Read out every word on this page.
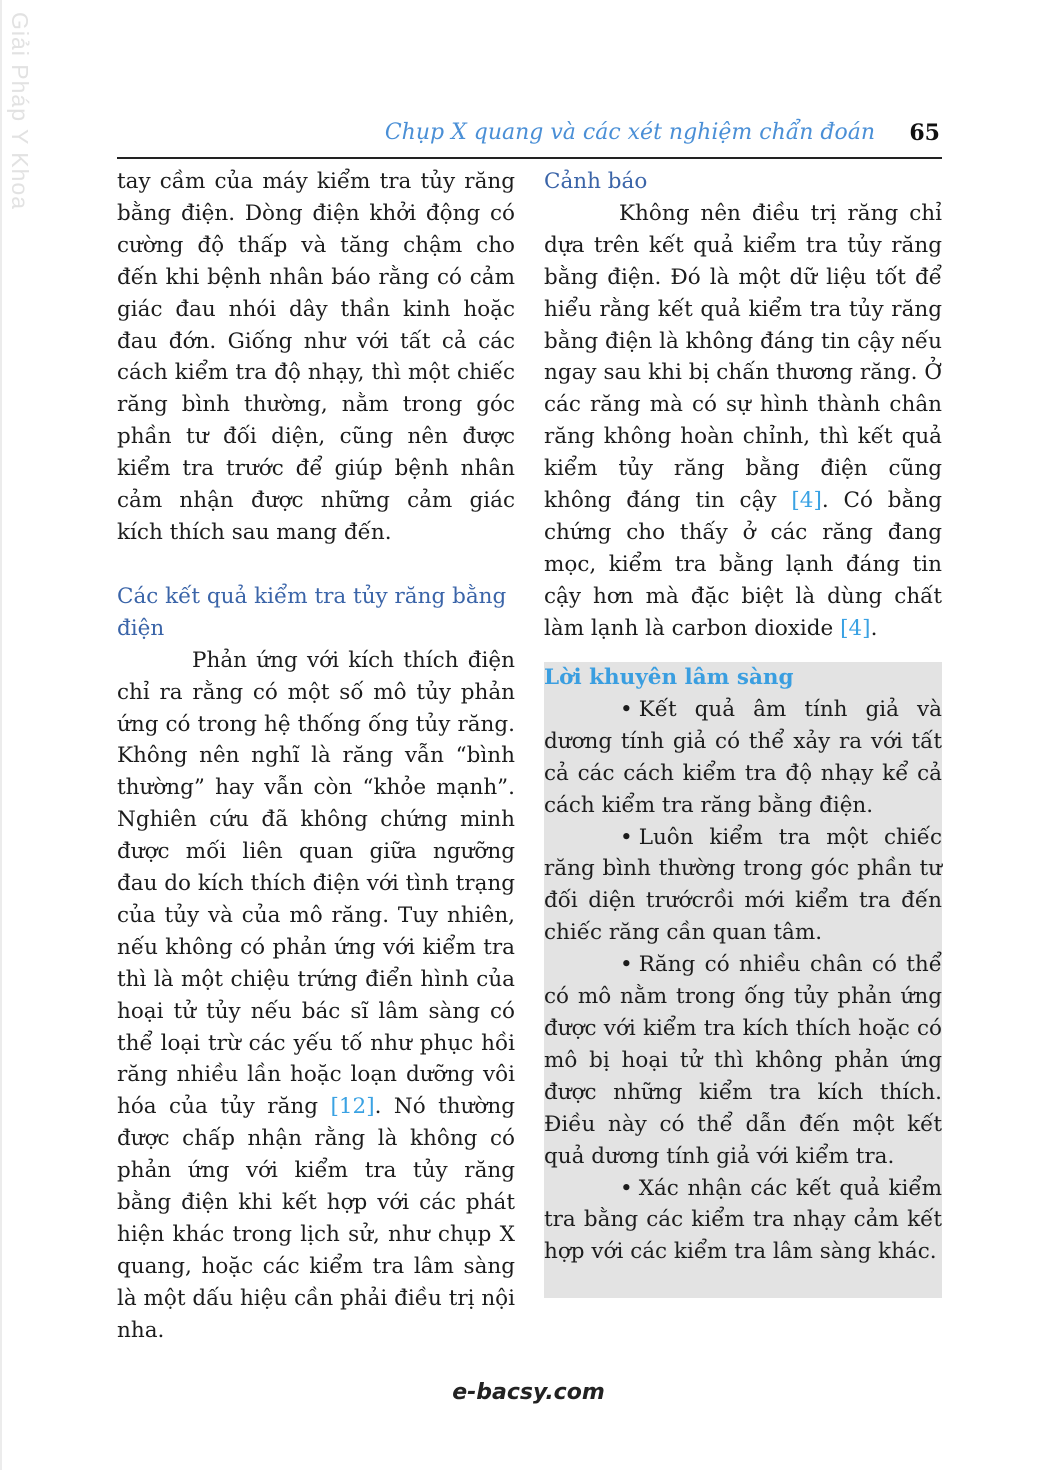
Giải Pháp Y Khoa	Chụp X quang và các xét nghiệm chẩn đoán 65

tay cầm của máy kiểm tra tủy răng bằng điện. Dòng điện khởi động có cường độ thấp và tăng chậm cho đến khi bệnh nhân báo rằng có cảm giác đau nhói dây thần kinh hoặc đau đớn. Giống như với tất cả các cách kiểm tra độ nhạy, thì một chiếc răng bình thường, nằm trong góc phần tư đối diện, cũng nên được kiểm tra trước để giúp bệnh nhân cảm nhận được những cảm giác kích thích sau mang đến.

Các kết quả kiểm tra tủy răng bằng điện

Phản ứng với kích thích điện chỉ ra rằng có một số mô tủy phản ứng có trong hệ thống ống tủy răng. Không nên nghĩ là răng vẫn “bình thường” hay vẫn còn “khỏe mạnh”. Nghiên cứu đã không chứng minh được mối liên quan giữa ngưỡng đau do kích thích điện với tình trạng của tủy và của mô răng. Tuy nhiên, nếu không có phản ứng với kiểm tra thì là một chiệu trứng điển hình của hoại tử tủy nếu bác sĩ lâm sàng có thể loại trừ các yếu tố như phục hồi răng nhiều lần hoặc loạn dưỡng vôi hóa của tủy răng [12]. Nó thường được chấp nhận rằng là không có phản ứng với kiểm tra tủy răng bằng điện khi kết hợp với các phát hiện khác trong lịch sử, như chụp X quang, hoặc các kiểm tra lâm sàng là một dấu hiệu cần phải điều trị nội nha.

Cảnh báo

Không nên điều trị răng chỉ dựa trên kết quả kiểm tra tủy răng bằng điện. Đó là một dữ liệu tốt để hiểu rằng kết quả kiểm tra tủy răng bằng điện là không đáng tin cậy nếu ngay sau khi bị chấn thương răng. Ở các răng mà có sự hình thành chân răng không hoàn chỉnh, thì kết quả kiểm tủy răng bằng điện cũng không đáng tin cậy [4]. Có bằng chứng cho thấy ở các răng đang mọc, kiểm tra bằng lạnh đáng tin cậy hơn mà đặc biệt là dùng chất làm lạnh là carbon dioxide [4].

Lời khuyên lâm sàng

• Kết quả âm tính giả và dương tính giả có thể xảy ra với tất cả các cách kiểm tra độ nhạy kể cả cách kiểm tra răng bằng điện.

• Luôn kiểm tra một chiếc răng bình thường trong góc phần tư đối diện trướcrồi mới kiểm tra đến chiếc răng cần quan tâm.

• Răng có nhiều chân có thể có mô nằm trong ống tủy phản ứng được với kiểm tra kích thích hoặc có mô bị hoại tử thì không phản ứng được những kiểm tra kích thích. Điều này có thể dẫn đến một kết quả dương tính giả với kiểm tra.

• Xác nhận các kết quả kiểm tra bằng các kiểm tra nhạy cảm kết hợp với các kiểm tra lâm sàng khác.

e-bacsy.com
